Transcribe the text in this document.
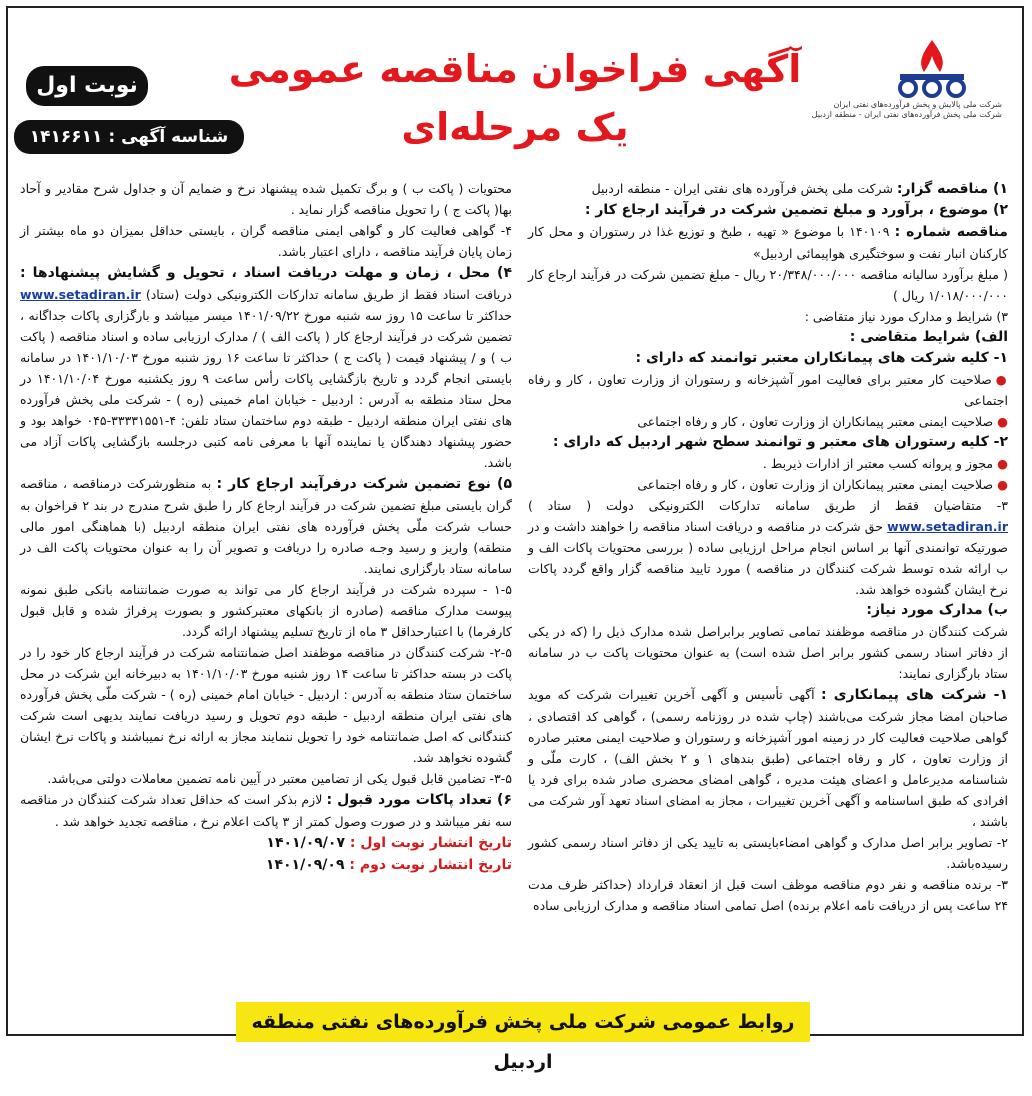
شرکت ملی پالایش و پخش فرآورده‌های نفتی ایران
شرکت ملی پخش فرآورده‌های نفتی ایران - منطقه اردبیل
آگهی فراخوان مناقصه عمومی
یک مرحله‌ای
نوبت اول
شناسه آگهی : ۱۴۱۶۶۱۱

۱) مناقصه گزار: شرکت ملی پخش فرآورده های نفتی ایران - منطقه اردبیل

۲) موضوع ، برآورد و مبلغ تضمین شرکت در فرآیند ارجاع کار :

مناقصه شماره : ۱۴۰۱۰۹ با موضوع « تهیه ، طبخ و توزیع غذا در رستوران و محل کار کارکنان انبار نفت و سوختگیری هواپیمائی اردبیل»

( مبلغ برآورد سالیانه مناقصه ۲۰/۳۴۸/۰۰۰/۰۰۰ ریال - مبلغ تضمین شرکت در فرآیند ارجاع کار ۱/۰۱۸/۰۰۰/۰۰۰ ریال )

۳) شرایط و مدارک مورد نیاز متقاضی :

الف) شرایط متقاضی :

۱- کلیه شرکت های پیمانکاران معتبر توانمند که دارای :

● صلاحیت کار معتبر برای فعالیت امور آشپزخانه و رستوران از وزارت تعاون ، کار و رفاه اجتماعی

● صلاحیت ایمنی معتبر پیمانکاران از وزارت تعاون ، کار و رفاه اجتماعی

۲- کلیه رستوران های معتبر و توانمند سطح شهر اردبیل که دارای :

● مجوز و پروانه کسب معتبر از ادارات ذیربط .

● صلاحیت ایمنی معتبر پیمانکاران از وزارت تعاون ، کار و رفاه اجتماعی

۳- متقاضیان فقط از طریق سامانه تدارکات الکترونیکی دولت ( ستاد ) www.setadiran.ir حق شرکت در مناقصه و دریافت اسناد مناقصه را خواهند داشت و در صورتیکه توانمندی آنها بر اساس انجام مراحل ارزیابی ساده ( بررسی محتویات پاکات الف و ب ارائه شده توسط شرکت کنندگان در مناقصه ) مورد تایید مناقصه گزار واقع گردد پاکات نرخ ایشان گشوده خواهد شد.

ب) مدارک مورد نیاز:

شرکت کنندگان در مناقصه موظفند تمامی تصاویر برابراصل شده مدارک ذیل را (که در یکی از دفاتر اسناد رسمی کشور برابر اصل شده است) به عنوان محتویات پاکت ب در سامانه ستاد بارگزاری نمایند:

۱- شرکت های پیمانکاری : آگهی تأسیس و آگهی آخرین تغییرات شرکت که موید صاحبان امضا مجاز شرکت می‌باشند (چاپ شده در روزنامه رسمی) ، گواهی کد اقتصادی ، گواهی صلاحیت فعالیت کار در زمینه امور آشپزخانه و رستوران و صلاحیت ایمنی معتبر صادره از وزارت تعاون ، کار و رفاه اجتماعی (طبق بندهای ۱ و ۲ بخش الف) ، کارت ملّی و شناسنامه مدیرعامل و اعضای هیئت مدیره ، گواهی امضای محضری صادر شده برای فرد یا افرادی که طبق اساسنامه و آگهی آخرین تغییرات ، مجاز به امضای اسناد تعهد آور شرکت می باشند ،

۲- تصاویر برابر اصل مدارک و گواهی امضاءبایستی به تایید یکی از دفاتر اسناد رسمی کشور رسیده‌باشد.

۳- برنده مناقصه و نفر دوم مناقصه موظف است قبل از انعقاد قرارداد (حداکثر ظرف مدت ۲۴ ساعت پس از دریافت نامه اعلام برنده) اصل تمامی اسناد مناقصه و مدارک ارزیابی ساده

محتویات ( پاکت ب ) و برگ تکمیل شده پیشنهاد نرخ و ضمایم آن و جداول شرح مقادیر و آحاد بها( پاکت ج ) را تحویل مناقصه گزار نماید .

۴- گواهی فعالیت کار و گواهی ایمنی مناقصه گران ، بایستی حداقل بمیزان دو ماه بیشتر از زمان پایان فرآیند مناقصه ، دارای اعتبار باشد.

۴) محل ، زمان و مهلت دریافت اسناد ، تحویل و گشایش پیشنهادها : دریافت اسناد فقط از طریق سامانه تدارکات الکترونیکی دولت (ستاد) www.setadiran.ir حداکثر تا ساعت ۱۵ روز سه شنبه مورخ ۱۴۰۱/۰۹/۲۲ میسر میباشد و بارگزاری پاکات جداگانه ، تضمین شرکت در فرآیند ارجاع کار ( پاکت الف ) / مدارک ارزیابی ساده و اسناد مناقصه ( پاکت ب ) و / پیشنهاد قیمت ( پاکت ج ) حداکثر تا ساعت ۱۶ روز شنبه مورخ ۱۴۰۱/۱۰/۰۳ در سامانه بایستی انجام گردد و تاریخ بازگشایی پاکات رأس ساعت ۹ روز یکشنبه مورخ ۱۴۰۱/۱۰/۰۴ در محل ستاد منطقه به آدرس : اردبیل - خیابان امام خمینی (ره ) - شرکت ملی پخش فرآورده های نفتی ایران منطقه اردبیل - طبقه دوم ساختمان ستاد تلفن: ۴-۳۳۳۳۱۵۵۱-۰۴۵ خواهد بود و حضور پیشنهاد دهندگان یا نماینده آنها با معرفی نامه کتبی درجلسه بازگشایی پاکات آزاد می باشد.

۵) نوع تضمین شرکت درفرآیند ارجاع کار : به منظورشرکت درمناقصه ، مناقصه گران بایستی مبلغ تضمین شرکت در فرآیند ارجاع کار را طبق شرح مندرج در بند ۲ فراخوان به حساب شرکت ملّی پخش فرآورده های نفتی ایران منطقه اردبیل (با هماهنگی امور مالی منطقه) واریز و رسید وجـه صادره را دریافت و تصویر آن را به عنوان محتویات پاکت الف در سامانه ستاد بارگزاری نمایند.

۱-۵ - سپرده شرکت در فرآیند ارجاع کار می تواند به صورت ضمانتنامه بانکی طبق نمونه پیوست مدارک مناقصه (صادره از بانکهای معتبرکشور و بصورت پرفراژ شده و قابل قبول کارفرما) با اعتبارحداقل ۳ ماه از تاریخ تسلیم پیشنهاد ارائه گردد.

۲-۵- شرکت کنندگان در مناقصه موظفند اصل ضمانتنامه شرکت در فرآیند ارجاع کار خود را در پاکت در بسته حداکثر تا ساعت ۱۴ روز شنبه مورخ ۱۴۰۱/۱۰/۰۳ به دبیرخانه این شرکت در محل ساختمان ستاد منطقه به آدرس : اردبیل - خیابان امام خمینی (ره ) - شرکت ملّی پخش فرآورده های نفتی ایران منطقه اردبیل - طبقه دوم تحویل و رسید دریافت نمایند بدیهی است شرکت کنندگانی که اصل ضمانتنامه خود را تحویل ننمایند مجاز به ارائه نرخ نمیباشند و پاکات نرخ ایشان گشوده نخواهد شد.

۳-۵- تضامین قابل قبول یکی از تضامین معتبر در آیین نامه تضمین معاملات دولتی می‌باشد.

۶) تعداد پاکات مورد قبول : لازم بذکر است که حداقل تعداد شرکت کنندگان در مناقصه سه نفر میباشد و در صورت وصول کمتر از ۳ پاکت اعلام نرخ ، مناقصه تجدید خواهد شد .

تاریخ انتشار نوبت اول : ۱۴۰۱/۰۹/۰۷

تاریخ انتشار نوبت دوم : ۱۴۰۱/۰۹/۰۹

روابط عمومی شرکت ملی پخش فرآورده‌های نفتی منطقه اردبیل
